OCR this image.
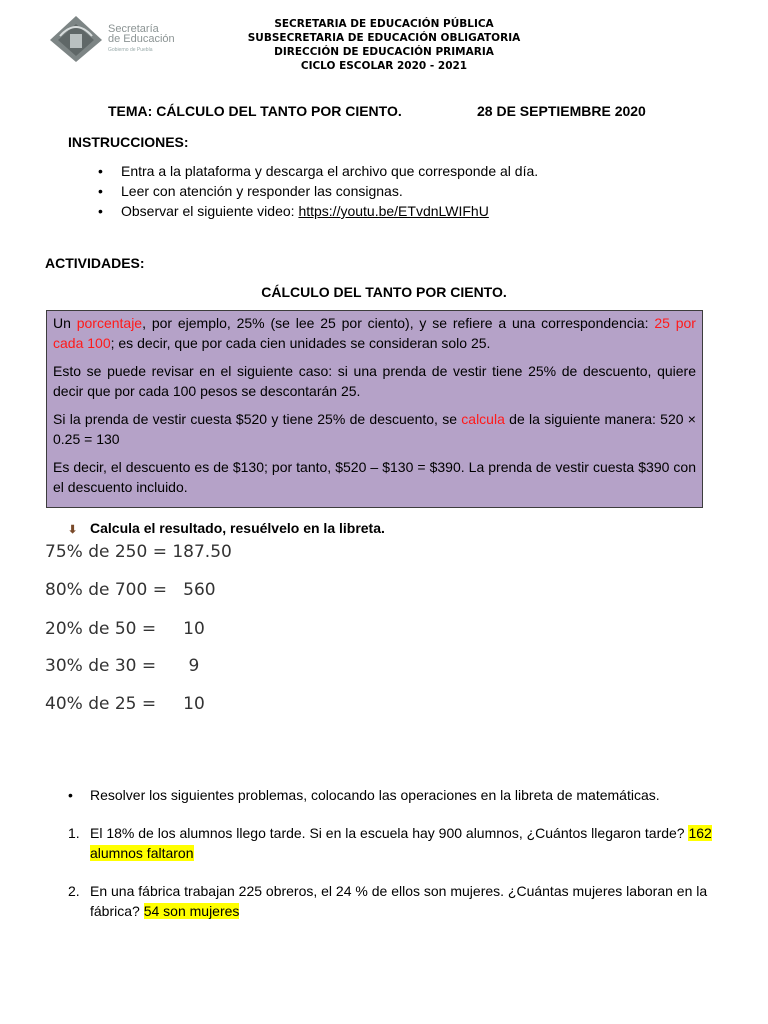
Secretaría
de Educación
Gobierno de Puebla
SECRETARIA DE EDUCACIÓN PÚBLICA
SUBSECRETARIA DE EDUCACIÓN OBLIGATORIA
DIRECCIÓN DE EDUCACIÓN PRIMARIA
CICLO ESCOLAR 2020 - 2021
TEMA: CÁLCULO DEL TANTO POR CIENTO.	28 DE SEPTIEMBRE 2020
INSTRUCCIONES:
• Entra a la plataforma y descarga el archivo que corresponde al día.
• Leer con atención y responder las consignas.
• Observar el siguiente video: https://youtu.be/ETvdnLWIFhU
ACTIVIDADES:
CÁLCULO DEL TANTO POR CIENTO.

Un porcentaje, por ejemplo, 25% (se lee 25 por ciento), y se refiere a una correspondencia: 25 por cada 100; es decir, que por cada cien unidades se consideran solo 25.

Esto se puede revisar en el siguiente caso: si una prenda de vestir tiene 25% de descuento, quiere decir que por cada 100 pesos se descontarán 25.

Si la prenda de vestir cuesta $520 y tiene 25% de descuento, se calcula de la siguiente manera: 520 × 0.25 = 130

Es decir, el descuento es de $130; por tanto, $520 – $130 = $390. La prenda de vestir cuesta $390 con el descuento incluido.

⬇ Calcula el resultado, resuélvelo en la libreta.
75% de 250 = 187.50
80% de 700 =   560
20% de 50 =     10
30% de 30 =      9
40% de 25 =     10
• Resolver los siguientes problemas, colocando las operaciones en la libreta de matemáticas.
1. El 18% de los alumnos llego tarde. Si en la escuela hay 900 alumnos, ¿Cuántos llegaron tarde? 162 alumnos faltaron
2. En una fábrica trabajan 225 obreros, el 24 % de ellos son mujeres. ¿Cuántas mujeres laboran en la fábrica? 54 son mujeres
